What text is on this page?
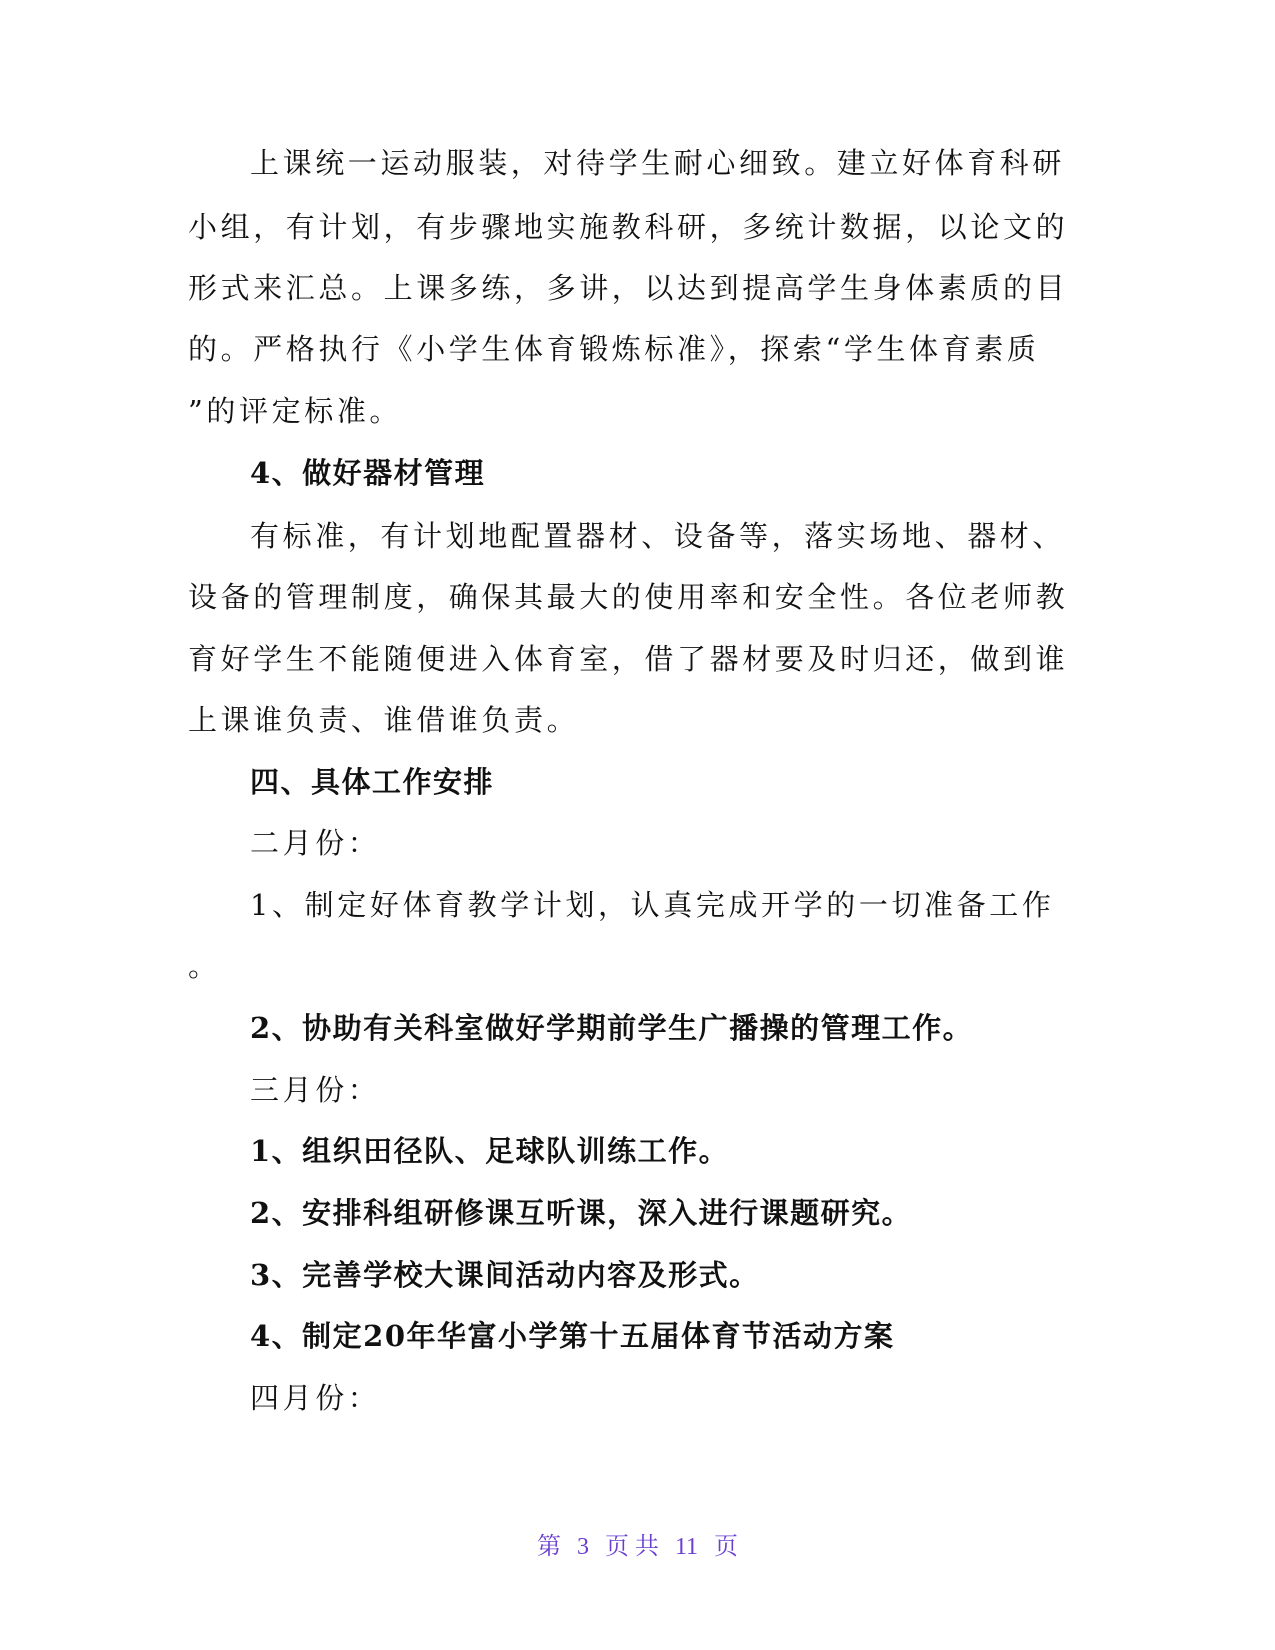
上课统一运动服装，对待学生耐心细致。建立好体育科研
小组，有计划，有步骤地实施教科研，多统计数据，以论文的
形式来汇总。上课多练，多讲，以达到提高学生身体素质的目
的。严格执行《小学生体育锻炼标准》，探索“学生体育素质
”的评定标准。
4、做好器材管理
有标准，有计划地配置器材、设备等，落实场地、器材、
设备的管理制度，确保其最大的使用率和安全性。各位老师教
育好学生不能随便进入体育室，借了器材要及时归还，做到谁
上课谁负责、谁借谁负责。
四、具体工作安排
二月份：
1、制定好体育教学计划，认真完成开学的一切准备工作
。
2、协助有关科室做好学期前学生广播操的管理工作。
三月份：
1、组织田径队、足球队训练工作。
2、安排科组研修课互听课，深入进行课题研究。
3、完善学校大课间活动内容及形式。
4、制定20年华富小学第十五届体育节活动方案
四月份：
第 3 页 共 11 页
